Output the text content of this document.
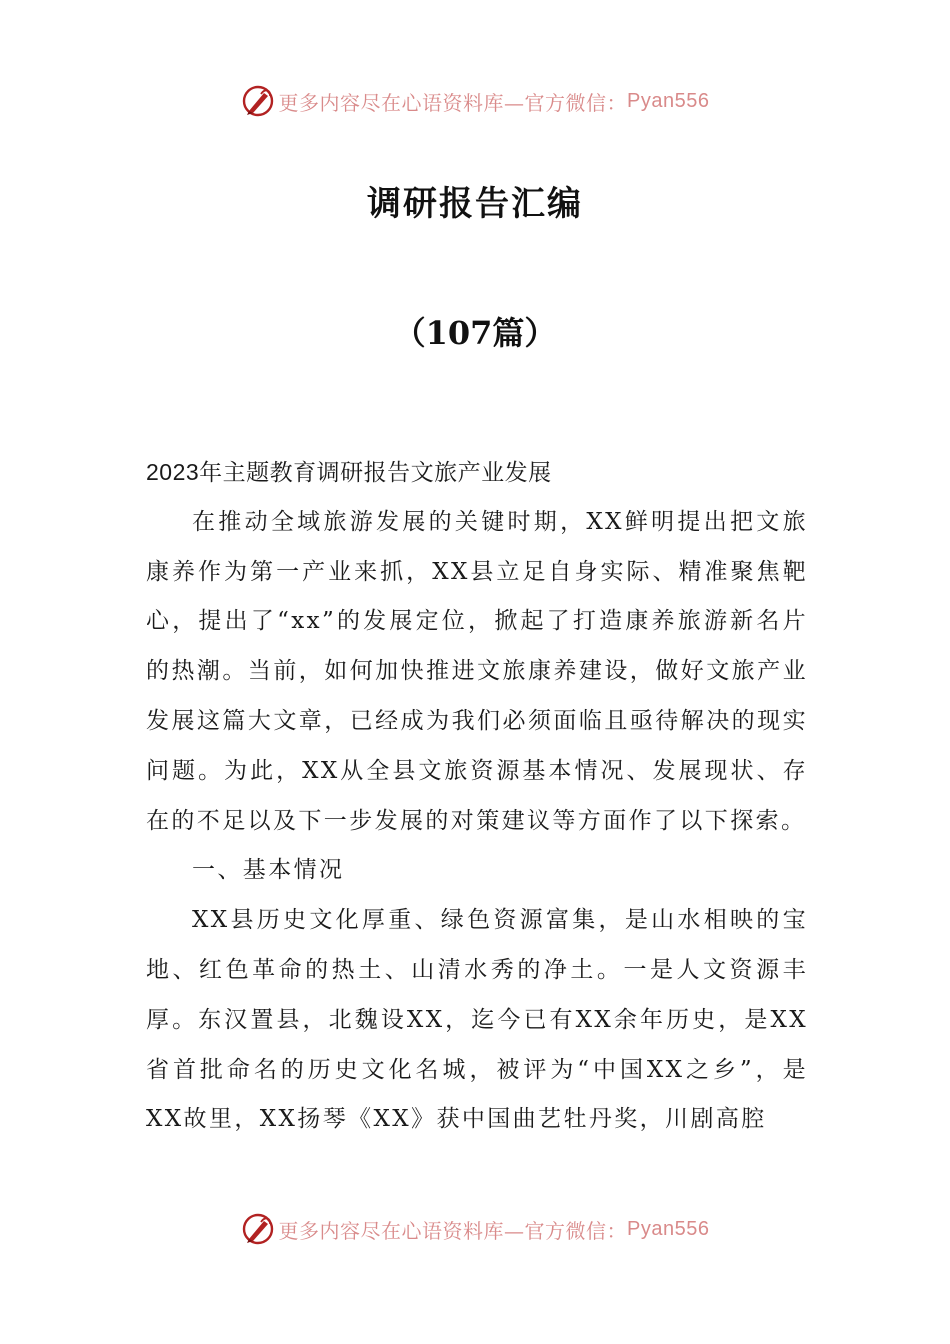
更多内容尽在心语资料库—官方微信： Pyan556
调研报告汇编
（107篇）

2023年主题教育调研报告文旅产业发展

在推动全域旅游发展的关键时期，XX鲜明提出把文旅康养作为第一产业来抓，XX县立足自身实际、精准聚焦靶心，提出了“xx”的发展定位，掀起了打造康养旅游新名片的热潮。当前，如何加快推进文旅康养建设，做好文旅产业发展这篇大文章，已经成为我们必须面临且亟待解决的现实问题。为此，XX从全县文旅资源基本情况、发展现状、存在的不足以及下一步发展的对策建议等方面作了以下探索。

一、基本情况

XX县历史文化厚重、绿色资源富集，是山水相映的宝地、红色革命的热土、山清水秀的净土。一是人文资源丰厚。东汉置县，北魏设XX，迄今已有XX余年历史，是XX省首批命名的历史文化名城，被评为“中国XX之乡”，是XX故里，XX扬琴《XX》获中国曲艺牡丹奖，川剧高腔

更多内容尽在心语资料库—官方微信： Pyan556
